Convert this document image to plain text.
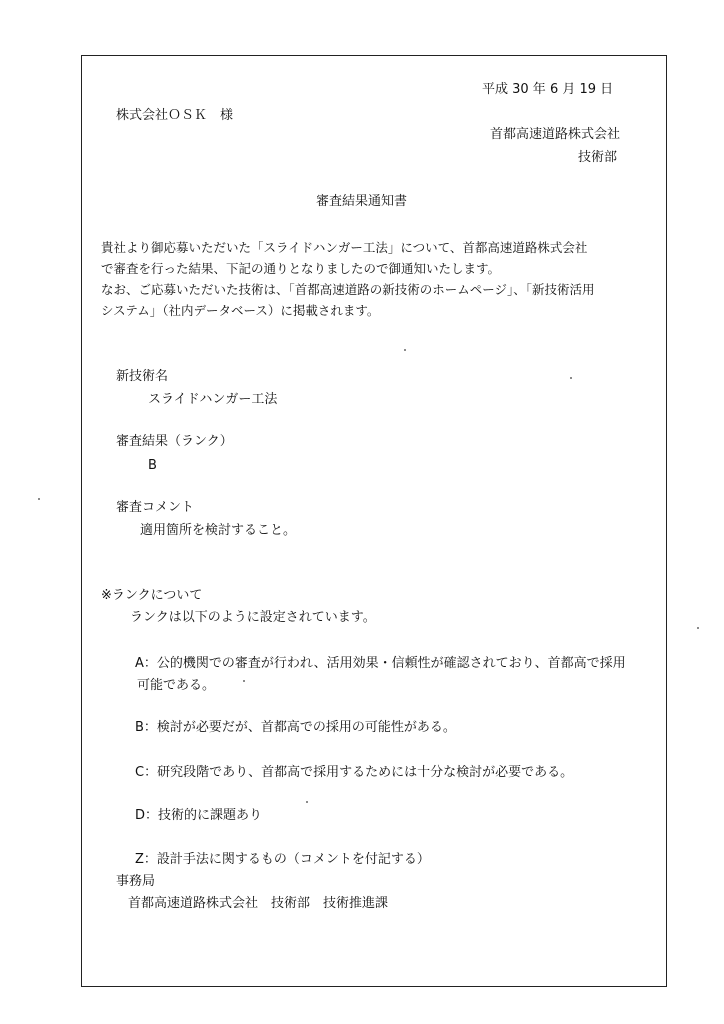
平成 30 年 6 月 19 日
株式会社ＯＳＫ　様
首都高速道路株式会社
技術部
審査結果通知書
貴社より御応募いただいた「スライドハンガー工法」について、首都高速道路株式会社
で審査を行った結果、下記の通りとなりましたので御通知いたします。
なお、ご応募いただいた技術は、「首都高速道路の新技術のホームページ」、「新技術活用
システム」（社内データベース）に掲載されます。
新技術名
スライドハンガー工法
審査結果（ランク）
B
審査コメント
適用箇所を検討すること。
※ランクについて
ランクは以下のように設定されています。
A：公的機関での審査が行われ、活用効果・信頼性が確認されており、首都高で採用
可能である。
B：検討が必要だが、首都高での採用の可能性がある。
C：研究段階であり、首都高で採用するためには十分な検討が必要である。
D：技術的に課題あり
Z：設計手法に関するもの（コメントを付記する）
事務局
首都高速道路株式会社　技術部　技術推進課
